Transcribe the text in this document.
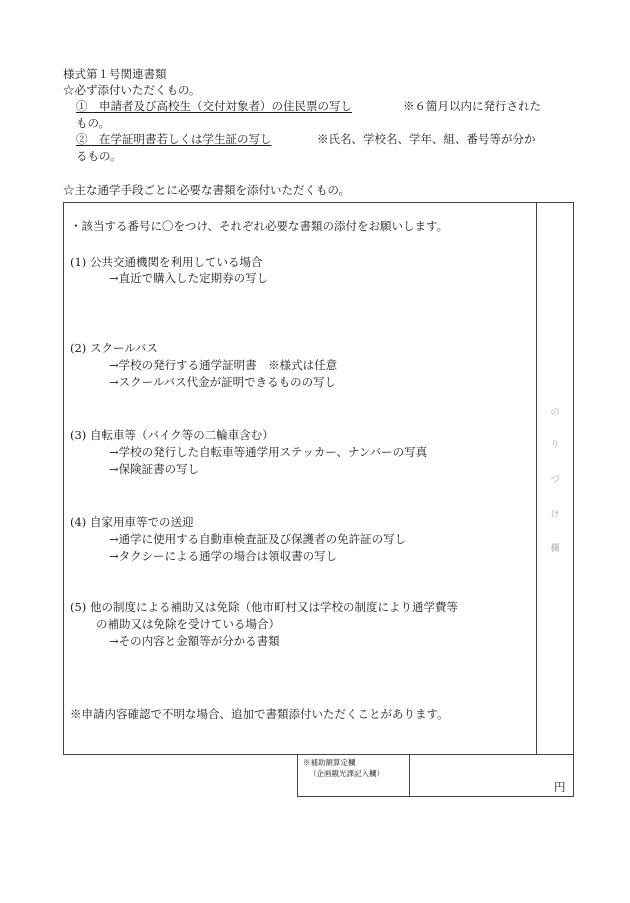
様式第１号関連書類
☆必ず添付いただくもの。
①　申請者及び高校生（交付対象者）の住民票の写し	※６箇月以内に発行された
もの。
②　在学証明書若しくは学生証の写し	※氏名、学校名、学年、組、番号等が分か
るもの。
☆主な通学手段ごとに必要な書類を添付いただくもの。
・該当する番号に〇をつけ、それぞれ必要な書類の添付をお願いします。
(1) 公共交通機関を利用している場合
→直近で購入した定期券の写し
(2) スクールバス
→学校の発行する通学証明書　※様式は任意
→スクールバス代金が証明できるものの写し
(3) 自転車等（バイク等の二輪車含む）
→学校の発行した自転車等通学用ステッカー、ナンバーの写真
→保険証書の写し
(4) 自家用車等での送迎
→通学に使用する自動車検査証及び保護者の免許証の写し
→タクシーによる通学の場合は領収書の写し
(5) 他の制度による補助又は免除（他市町村又は学校の制度により通学費等
の補助又は免除を受けている場合）
→その内容と金額等が分かる書類
※申請内容確認で不明な場合、追加で書類添付いただくことがあります。
の
り
づ
け
欄
※補助額算定欄
（企画観光課記入欄）
円
